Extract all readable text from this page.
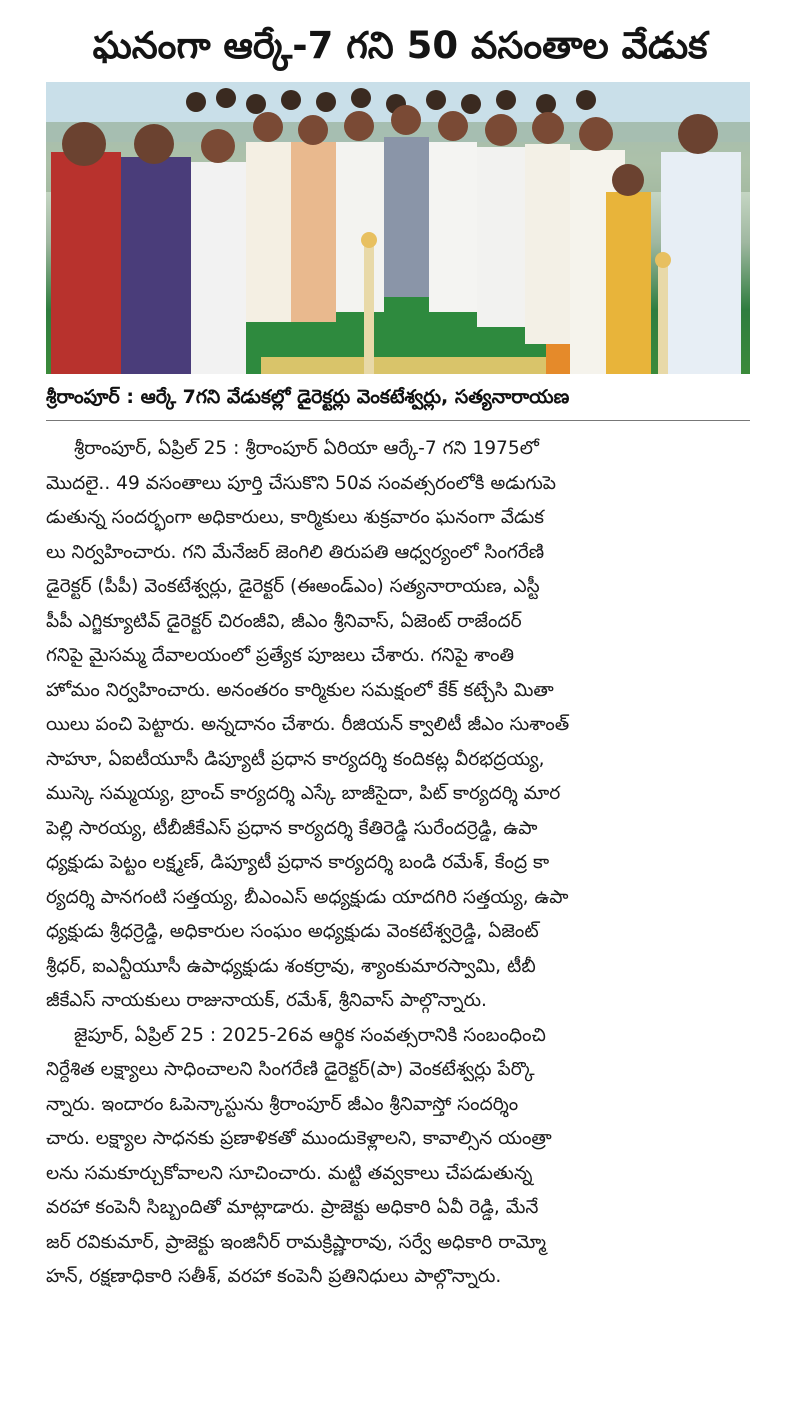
ఘనంగా ఆర్కే-7 గని 50 వసంతాల వేడుక
శ్రీరాంపూర్ : ఆర్కే 7గని వేడుకల్లో డైరెక్టర్లు వెంకటేశ్వర్లు, సత్యనారాయణ
శ్రీరాంపూర్, ఏప్రిల్ 25 : శ్రీరాంపూర్ ఏరియా ఆర్కే-7 గని 1975లో
మొదలై.. 49 వసంతాలు పూర్తి చేసుకొని 50వ సంవత్సరంలోకి అడుగుపె
డుతున్న సందర్భంగా అధికారులు, కార్మికులు శుక్రవారం ఘనంగా వేడుక
లు నిర్వహించారు. గని మేనేజర్ జెంగిలి తిరుపతి ఆధ్వర్యంలో సింగరేణి
డైరెక్టర్ (పీపీ) వెంకటేశ్వర్లు, డైరెక్టర్ (ఈఅండ్ఎం) సత్యనారాయణ, ఎస్టీ
పీపీ ఎగ్జిక్యూటివ్ డైరెక్టర్ చిరంజీవి, జీఎం శ్రీనివాస్, ఏజెంట్ రాజేందర్
గనిపై మైసమ్మ దేవాలయంలో ప్రత్యేక పూజలు చేశారు. గనిపై శాంతి
హోమం నిర్వహించారు. అనంతరం కార్మికుల సమక్షంలో కేక్ కట్చేసి మితా
యిలు పంచి పెట్టారు. అన్నదానం చేశారు. రీజియన్ క్వాలిటీ జీఎం సుశాంత్
సాహూ, ఏఐటీయూసీ డిప్యూటీ ప్రధాన కార్యదర్శి కందికట్ల వీరభద్రయ్య,
ముస్కె సమ్మయ్య, బ్రాంచ్ కార్యదర్శి ఎస్కే బాజీసైదా, పిట్ కార్యదర్శి మార
పెల్లి సారయ్య, టీబీజీకేఎస్ ప్రధాన కార్యదర్శి కేతిరెడ్డి సురేందర్రెడ్డి, ఉపా
ధ్యక్షుడు పెట్టం లక్ష్మణ్, డిప్యూటీ ప్రధాన కార్యదర్శి బండి రమేశ్, కేంద్ర కా
ర్యదర్శి పానగంటి సత్తయ్య, బీఎంఎస్ అధ్యక్షుడు యాదగిరి సత్తయ్య, ఉపా
ధ్యక్షుడు శ్రీధర్రెడ్డి, అధికారుల సంఘం అధ్యక్షుడు వెంకటేశ్వర్రెడ్డి, ఏజెంట్
శ్రీధర్, ఐఎన్టీయూసీ ఉపాధ్యక్షుడు శంకర్రావు, శ్యాంకుమారస్వామి, టీబీ
జీకేఎస్ నాయకులు రాజునాయక్, రమేశ్, శ్రీనివాస్ పాల్గొన్నారు.
జైపూర్, ఏప్రిల్ 25 : 2025-26వ ఆర్థిక సంవత్సరానికి సంబంధించి
నిర్దేశిత లక్ష్యాలు సాధించాలని సింగరేణి డైరెక్టర్(పా) వెంకటేశ్వర్లు పేర్కొ
న్నారు. ఇందారం ఓపెన్కాస్టును శ్రీరాంపూర్ జీఎం శ్రీనివాస్తో సందర్శిం
చారు. లక్ష్యాల సాధనకు ప్రణాళికతో ముందుకెళ్లాలని, కావాల్సిన యంత్రా
లను సమకూర్చుకోవాలని సూచించారు. మట్టి తవ్వకాలు చేపడుతున్న
వరహా కంపెనీ సిబ్బందితో మాట్లాడారు. ప్రాజెక్టు అధికారి ఏవీ రెడ్డి, మేనే
జర్ రవికుమార్, ప్రాజెక్టు ఇంజినీర్ రామక్రిష్ణారావు, సర్వే అధికారి రామ్మో
హన్, రక్షణాధికారి సతీశ్, వరహా కంపెనీ ప్రతినిధులు పాల్గొన్నారు.
